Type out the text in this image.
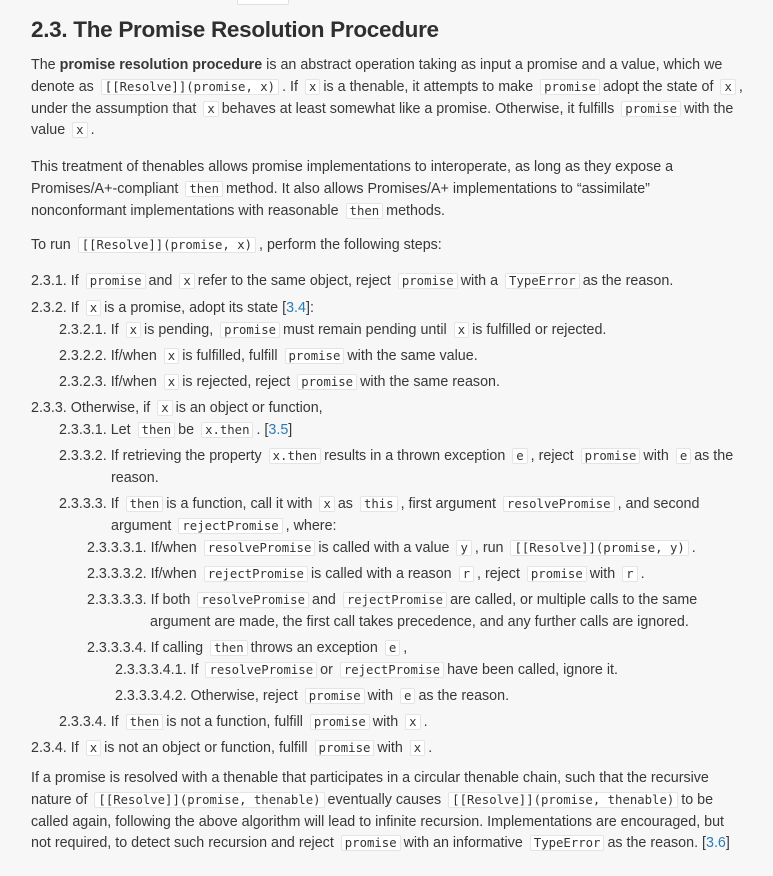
2.3. The Promise Resolution Procedure

The promise resolution procedure is an abstract operation taking as input a promise and a value, which we
denote as [[Resolve]](promise, x) . If x is a thenable, it attempts to make promise adopt the state of x ,
under the assumption that x behaves at least somewhat like a promise. Otherwise, it fulfills promise with the
value x .

This treatment of thenables allows promise implementations to interoperate, as long as they expose a
Promises/A+-compliant then method. It also allows Promises/A+ implementations to “assimilate”
nonconformant implementations with reasonable then methods.

To run [[Resolve]](promise, x) , perform the following steps:

2.3.1. If promise and x refer to the same object, reject promise with a TypeError as the reason.
2.3.2. If x is a promise, adopt its state [3.4]:
2.3.2.1. If x is pending, promise must remain pending until x is fulfilled or rejected.
2.3.2.2. If/when x is fulfilled, fulfill promise with the same value.
2.3.2.3. If/when x is rejected, reject promise with the same reason.
2.3.3. Otherwise, if x is an object or function,
2.3.3.1. Let then be x.then . [3.5]
2.3.3.2. If retrieving the property x.then results in a thrown exception e , reject promise with e as the
reason.
2.3.3.3. If then is a function, call it with x as this , first argument resolvePromise , and second
argument rejectPromise , where:
2.3.3.3.1. If/when resolvePromise is called with a value y , run [[Resolve]](promise, y) .
2.3.3.3.2. If/when rejectPromise is called with a reason r , reject promise with r .
2.3.3.3.3. If both resolvePromise and rejectPromise are called, or multiple calls to the same
argument are made, the first call takes precedence, and any further calls are ignored.
2.3.3.3.4. If calling then throws an exception e ,
2.3.3.3.4.1. If resolvePromise or rejectPromise have been called, ignore it.
2.3.3.3.4.2. Otherwise, reject promise with e as the reason.
2.3.3.4. If then is not a function, fulfill promise with x .
2.3.4. If x is not an object or function, fulfill promise with x .

If a promise is resolved with a thenable that participates in a circular thenable chain, such that the recursive
nature of [[Resolve]](promise, thenable) eventually causes [[Resolve]](promise, thenable) to be
called again, following the above algorithm will lead to infinite recursion. Implementations are encouraged, but
not required, to detect such recursion and reject promise with an informative TypeError as the reason. [3.6]
